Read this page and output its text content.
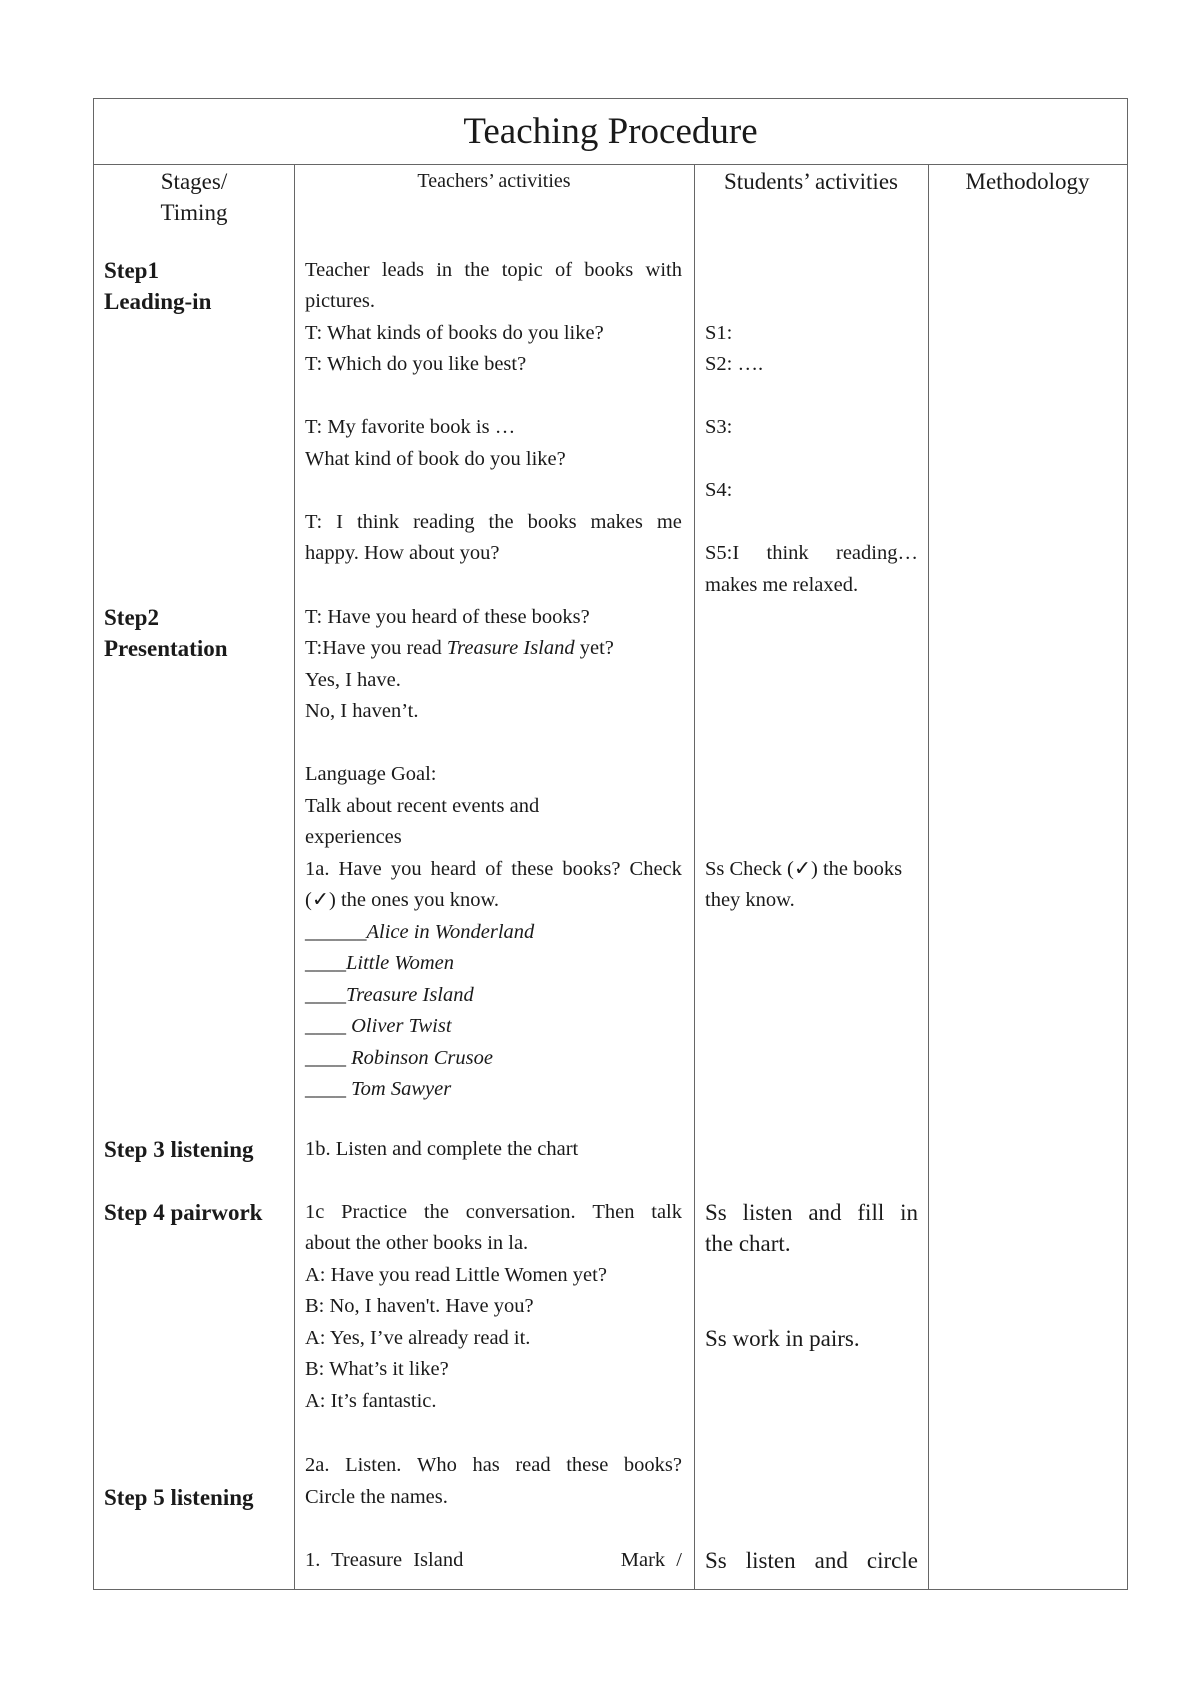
Teaching Procedure
Stages/
Timing
Step1
Leading-in
Step2
Presentation
Step 3 listening
Step 4 pairwork
Step 5 listening
Teachers’ activities
Teacher leads in the topic of books with
pictures.
T: What kinds of books do you like?
T: Which do you like best?
T: My favorite book is …
What kind of book do you like?
T: I think reading the books makes me
happy. How about you?
T: Have you heard of these books?
T:Have you read Treasure Island yet?
Yes, I have.
No, I haven’t.
Language Goal:
Talk about recent events and
experiences
1a. Have you heard of these books? Check
(✓) the ones you know.
______Alice in Wonderland
____Little Women
____Treasure Island
____ Oliver Twist
____ Robinson Crusoe
____ Tom Sawyer
1b. Listen and complete the chart
1c Practice the conversation. Then talk
about the other books in la.
A: Have you read Little Women yet?
B: No, I haven't. Have you?
A: Yes, I’ve already read it.
B: What’s it like?
A: It’s fantastic.
2a. Listen. Who has read these books?
Circle the names.
1. Treasure Island	Mark /
Students’ activities
S1:
S2: ….
S3:
S4:
S5:I think reading…
makes me relaxed.
Ss Check (✓) the books
they know.
Ss listen and fill in
the chart.
Ss work in pairs.
Ss listen and circle
Methodology
